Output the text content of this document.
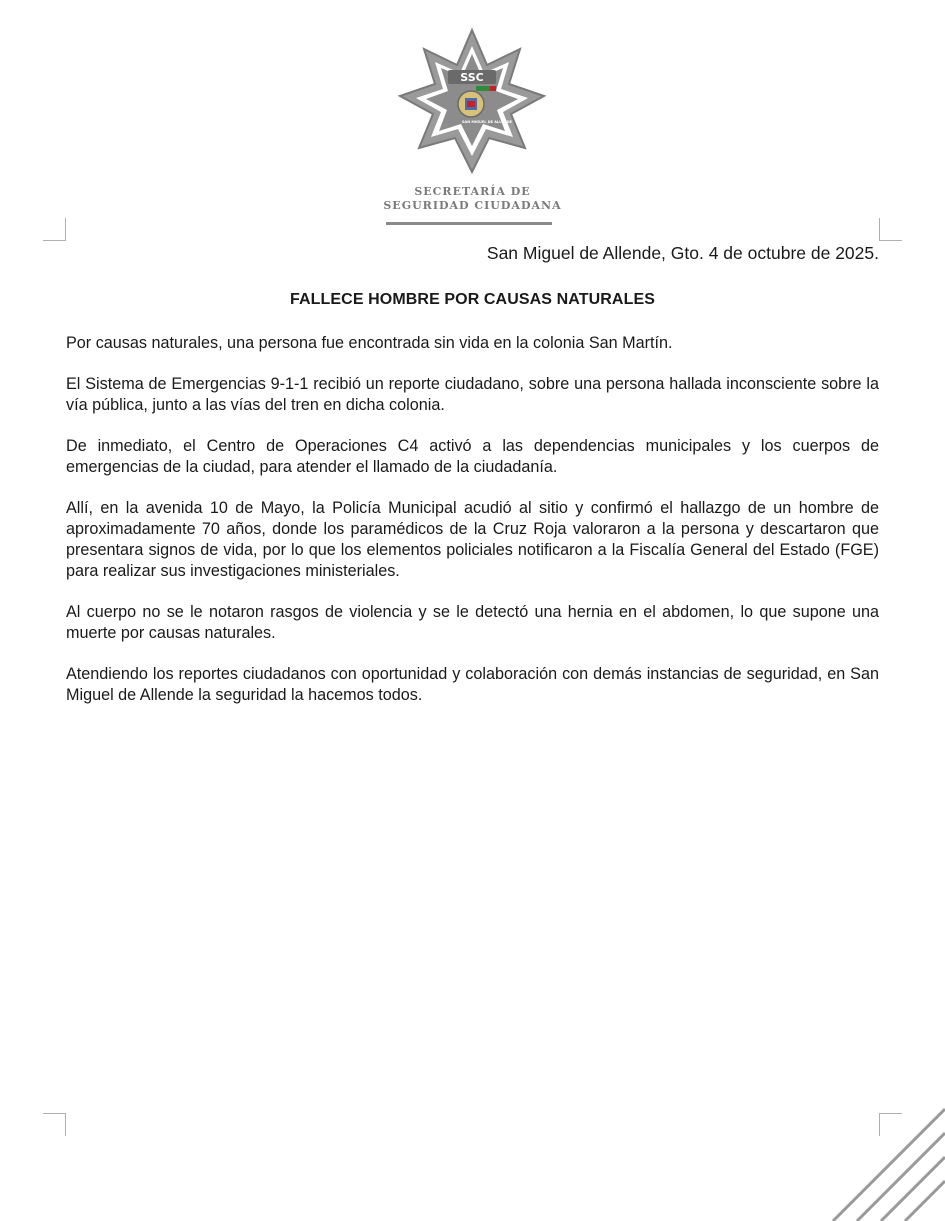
SSC
SAN MIGUEL DE ALLENDE
SECRETARÍA DE
SEGURIDAD CIUDADANA
San Miguel de Allende, Gto. 4 de octubre de 2025.
FALLECE HOMBRE POR CAUSAS NATURALES

Por causas naturales, una persona fue encontrada sin vida en la colonia San Martín.

El Sistema de Emergencias 9-1-1 recibió un reporte ciudadano, sobre una persona hallada inconsciente sobre la vía pública, junto a las vías del tren en dicha colonia.

De inmediato, el Centro de Operaciones C4 activó a las dependencias municipales y los cuerpos de emergencias de la ciudad, para atender el llamado de la ciudadanía.

Allí, en la avenida 10 de Mayo, la Policía Municipal acudió al sitio y confirmó el hallazgo de un hombre de aproximadamente 70 años, donde los paramédicos de la Cruz Roja valoraron a la persona y descartaron que presentara signos de vida, por lo que los elementos policiales notificaron a la Fiscalía General del Estado (FGE) para realizar sus investigaciones ministeriales.

Al cuerpo no se le notaron rasgos de violencia y se le detectó una hernia en el abdomen, lo que supone una muerte por causas naturales.

Atendiendo los reportes ciudadanos con oportunidad y colaboración con demás instancias de seguridad, en San Miguel de Allende la seguridad la hacemos todos.
